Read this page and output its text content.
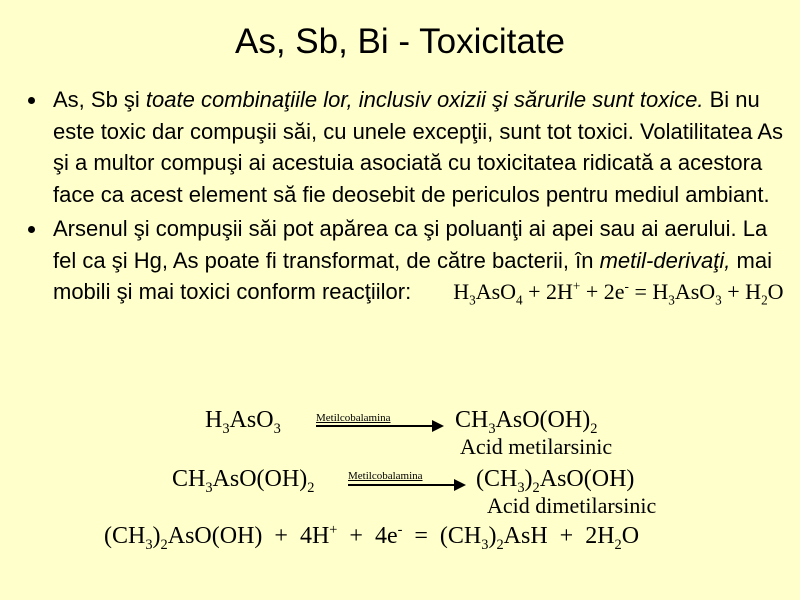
As, Sb, Bi - Toxicitate
As, Sb şi toate combinaţiile lor, inclusiv oxizii şi sărurile sunt toxice. Bi nu este toxic dar compuşii săi, cu unele excepţii, sunt tot toxici. Volatilitatea As şi a multor compuşi ai acestuia asociată cu toxicitatea ridicată a acestora face ca acest element să fie deosebit de periculos pentru mediul ambiant.
Arsenul şi compuşii săi pot apărea ca şi poluanţi ai apei sau ai aerului. La fel ca şi Hg, As poate fi transformat, de către bacterii, în metil-derivaţi, mai mobili şi mai toxici conform reacţiilor: $H_3AsO_4 + 2H^+ + 2e^- = H_3AsO_3 + H_2O$
$H_3AsO_3$
Metilcobalamina	$CH_3AsO(OH)_2$
Acid metilarsinic
$CH_3AsO(OH)_2$
Metilcobalamina $(CH_3)_2AsO(OH)$
Acid dimetilarsinic
$(CH_3)_2AsO(OH) + 4H^+ + 4e^- = (CH_3)_2AsH + 2H_2O$
